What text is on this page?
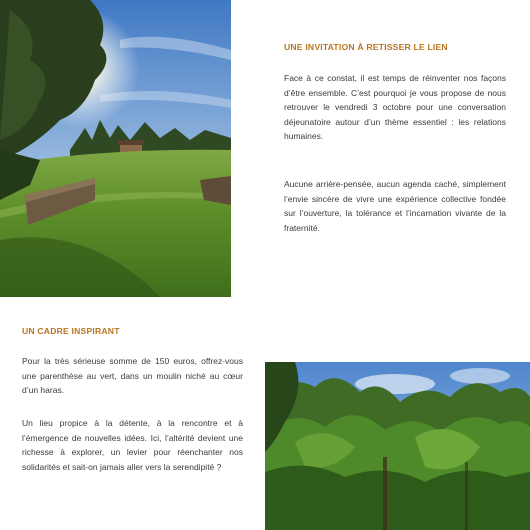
UNE INVITATION À RETISSER LE LIEN

Face à ce constat, il est temps de réinventer nos façons d’être ensemble. C’est pourquoi je vous propose de nous retrouver le vendredi 3 octobre pour une conversation déjeunatoire autour d’un thème essentiel : les relations humaines.

Aucune arrière-pensée, aucun agenda caché, simplement l’envie sincère de vivre une expérience collective fondée sur l’ouverture, la tolérance et l’incarnation vivante de la fraternité.

UN CADRE INSPIRANT

Pour la très sérieuse somme de 150 euros, offrez-vous une parenthèse au vert, dans un moulin niché au cœur d’un haras.

Un lieu propice à la détente, à la rencontre et à l’émergence de nouvelles idées. Ici, l’altérité devient une richesse à explorer, un levier pour réenchanter nos solidarités et sait-on jamais aller vers la serendipité ?
